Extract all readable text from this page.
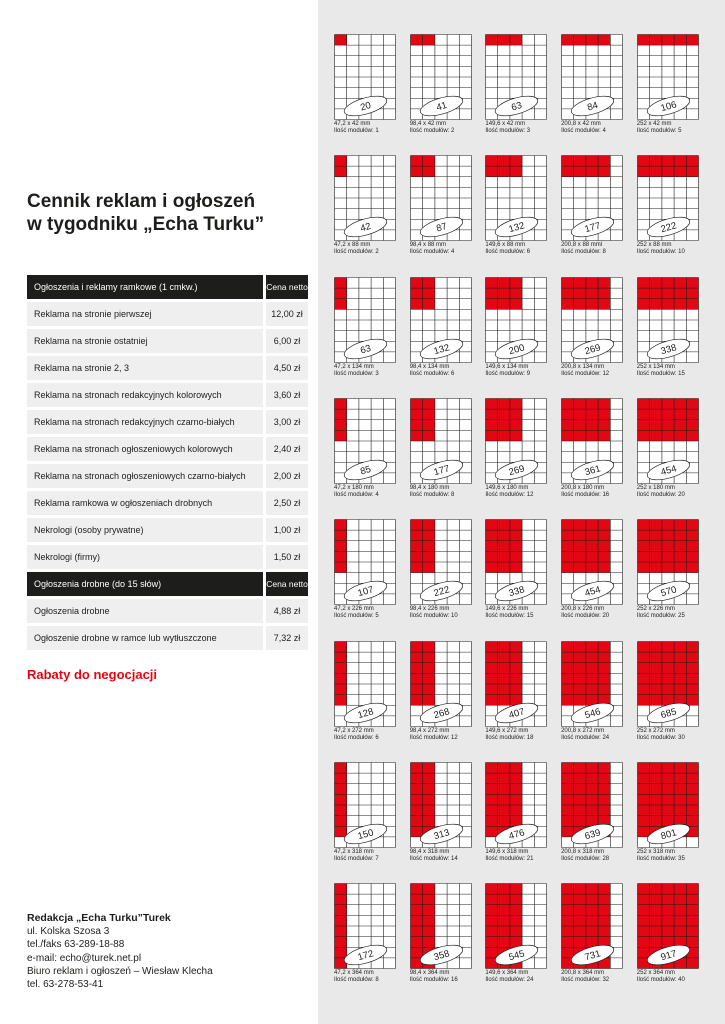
Cennik reklam i ogłoszeń
w tygodniku „Echa Turku”
Ogłoszenia i reklamy ramkowe (1 cmkw.)	Cena netto
Reklama na stronie pierwszej	12,00 zł
Reklama na stronie ostatniej	6,00 zł
Reklama na stronie 2, 3	4,50 zł
Reklama na stronach redakcyjnych kolorowych	3,60 zł
Reklama na stronach redakcyjnych czarno-białych	3,00 zł
Reklama na stronach ogłoszeniowych kolorowych	2,40 zł
Reklama na stronach ogłoszeniowych czarno-białych	2,00 zł
Reklama ramkowa w ogłoszeniach drobnych	2,50 zł
Nekrologi (osoby prywatne)	1,00 zł
Nekrologi (firmy)	1,50 zł
Ogłoszenia drobne (do 15 słów)	Cena netto
Ogłoszenia drobne	4,88 zł
Ogłoszenie drobne w ramce lub wytłuszczone	7,32 zł
Rabaty do negocjacji
Redakcja „Echa Turku”Turek
ul. Kolska Szosa 3
tel./faks 63-289-18-88
e-mail: echo@turek.net.pl
Biuro reklam i ogłoszeń – Wiesław Klecha
tel. 63-278-53-41
20
47,2 x 42 mm
Ilość modułów: 1
41
98,4 x 42 mm
Ilość modułów: 2
63
149,6 x 42 mm
Ilość modułów: 3
84
200,8 x 42 mm
Ilość modułów: 4
106
252 x 42 mm
Ilość modułów: 5
42
47,2 x 88 mm
Ilość modułów: 2
87
98,4 x 88 mm
Ilość modułów: 4
132
149,6 x 88 mm
Ilość modułów: 6
177
200,8 x 88 mml
Ilość modułów: 8
222
252 x 88 mm
Ilość modułów: 10
63
47,2 x 134 mm
Ilość modułów: 3
132
98,4 x 134 mm
Ilość modułów: 6
200
149,6 x 134 mm
Ilość modułów: 9
269
200,8 x 134 mm
Ilość modułów: 12
338
252 x 134 mm
Ilość modułów: 15
85
47,2 x 180 mm
Ilość modułów: 4
177
98,4 x 180 mm
Ilość modułów: 8
269
149,6 x 180 mm
Ilość modułów: 12
361
200,8 x 180 mm
Ilość modułów: 16
454
252 x 180 mm
Ilość modułów: 20
107
47,2 x 226 mm
Ilość modułów: 5
222
98,4 x 226 mm
Ilość modułów: 10
338
149,6 x 226 mm
Ilość modułów: 15
454
200,8 x 226 mm
Ilość modułów: 20
570
252 x 226 mm
Ilość modułów: 25
128
47,2 x 272 mm
Ilość modułów: 6
268
98,4 x 272 mm
Ilość modułów: 12
407
149,6 x 272 mm
Ilość modułów: 18
546
200,8 x 272 mm
Ilość modułów: 24
685
252 x 272 mm
Ilość modułów: 30
150
47,2 x 318 mm
Ilość modułów: 7
313
98,4 x 318 mm
Ilość modułów: 14
476
149,6 x 318 mm
Ilość modułów: 21
639
200,8 x 318 mm
Ilość modułów: 28
801
252 x 318 mm
Ilość modułów: 35
172
47,2 x 364 mm
Ilość modułów: 8
358
98,4 x 364 mm
Ilość modułów: 16
545
149,6 x 364 mm
Ilość modułów: 24
731
200,8 x 364 mm
Ilość modułów: 32
917
252 x 364 mm
Ilość modułów: 40
